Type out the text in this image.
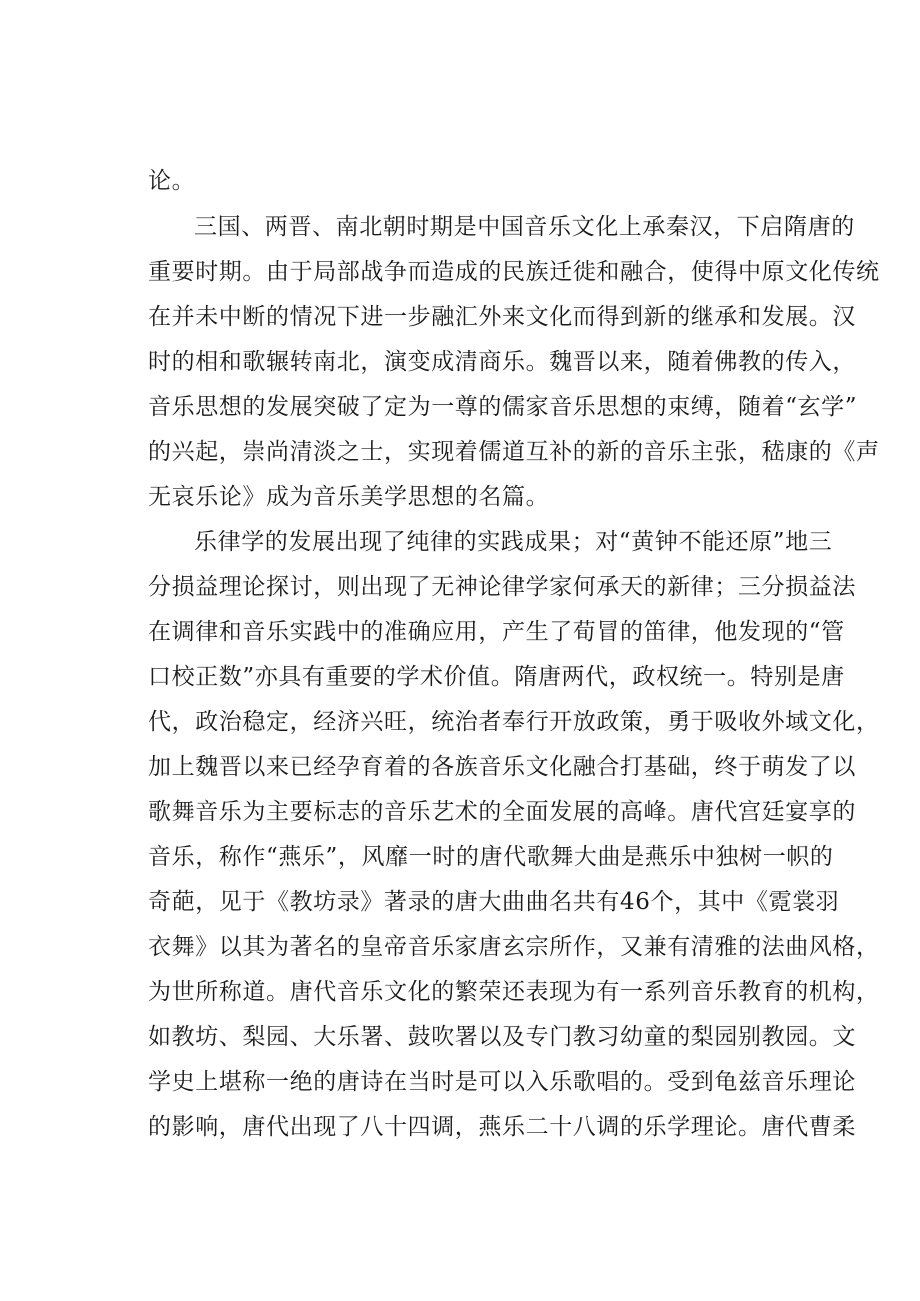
论。
三国、两晋、南北朝时期是中国音乐文化上承秦汉，下启隋唐的
重要时期。由于局部战争而造成的民族迁徙和融合，使得中原文化传统
在并未中断的情况下进一步融汇外来文化而得到新的继承和发展。汉
时的相和歌辗转南北，演变成清商乐。魏晋以来，随着佛教的传入，
音乐思想的发展突破了定为一尊的儒家音乐思想的束缚，随着“玄学”
的兴起，崇尚清淡之士，实现着儒道互补的新的音乐主张，嵇康的《声
无哀乐论》成为音乐美学思想的名篇。
乐律学的发展出现了纯律的实践成果；对“黄钟不能还原”地三
分损益理论探讨，则出现了无神论律学家何承天的新律；三分损益法
在调律和音乐实践中的准确应用，产生了荀冒的笛律，他发现的“管
口校正数”亦具有重要的学术价值。隋唐两代，政权统一。特别是唐
代，政治稳定，经济兴旺，统治者奉行开放政策，勇于吸收外域文化，
加上魏晋以来已经孕育着的各族音乐文化融合打基础，终于萌发了以
歌舞音乐为主要标志的音乐艺术的全面发展的高峰。唐代宫廷宴享的
音乐，称作“燕乐”，风靡一时的唐代歌舞大曲是燕乐中独树一帜的
奇葩，见于《教坊录》著录的唐大曲曲名共有46个，其中《霓裳羽
衣舞》以其为著名的皇帝音乐家唐玄宗所作，又兼有清雅的法曲风格，
为世所称道。唐代音乐文化的繁荣还表现为有一系列音乐教育的机构，
如教坊、梨园、大乐署、鼓吹署以及专门教习幼童的梨园别教园。文
学史上堪称一绝的唐诗在当时是可以入乐歌唱的。受到龟兹音乐理论
的影响，唐代出现了八十四调，燕乐二十八调的乐学理论。唐代曹柔
